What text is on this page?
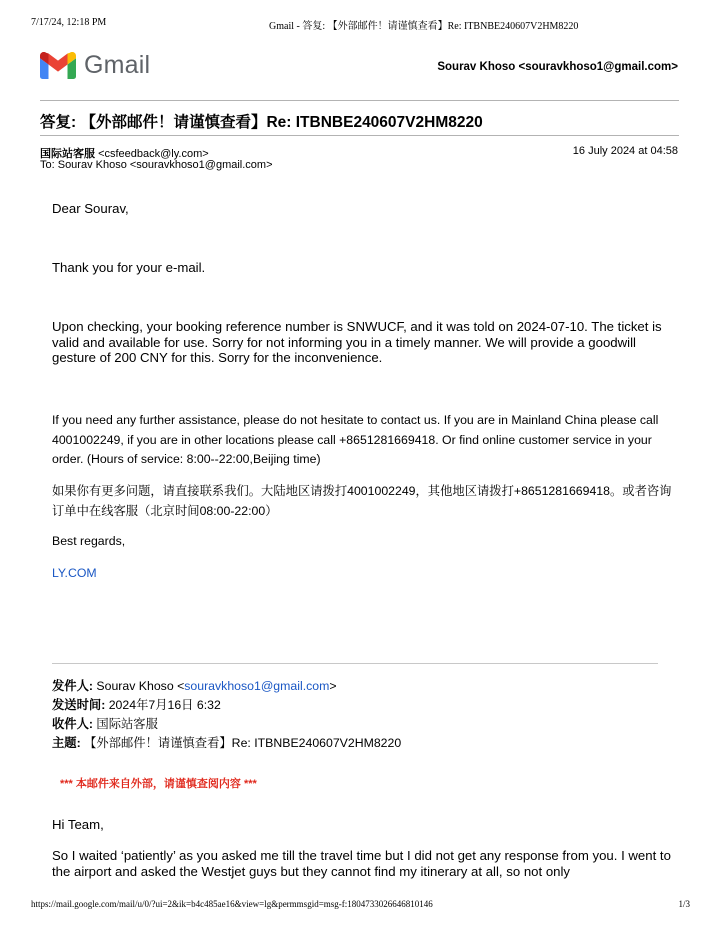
7/17/24, 12:18 PM	Gmail - 答复: 【外部邮件！请谨慎查看】Re: ITBNBE240607V2HM8220
Gmail	Sourav Khoso <souravkhoso1@gmail.com>
答复: 【外部邮件！请谨慎查看】Re: ITBNBE240607V2HM8220
国际站客服 <csfeedback@ly.com>
To: Sourav Khoso <souravkhoso1@gmail.com>
16 July 2024 at 04:58
Dear Sourav,
Thank you for your e-mail.
Upon checking, your booking reference number is SNWUCF, and it was told on 2024-07-10. The ticket is valid and available for use. Sorry for not informing you in a timely manner. We will provide a goodwill gesture of 200 CNY for this. Sorry for the inconvenience.
If you need any further assistance, please do not hesitate to contact us. If you are in Mainland China please call 4001002249, if you are in other locations please call +8651281669418. Or find online customer service in your order. (Hours of service: 8:00--22:00,Beijing time)
如果你有更多问题，请直接联系我们。大陆地区请拨打4001002249，其他地区请拨打+8651281669418。或者咨询订单中在线客服（北京时间08:00-22:00）
Best regards,
LY.COM
发件人: Sourav Khoso <souravkhoso1@gmail.com>
发送时间: 2024年7月16日 6:32
收件人: 国际站客服
主题: 【外部邮件！请谨慎查看】Re: ITBNBE240607V2HM8220
*** 本邮件来自外部，请谨慎查阅内容 ***
Hi Team,
So I waited ‘patiently’ as you asked me till the travel time but I did not get any response from you. I went to the airport and asked the Westjet guys but they cannot find my itinerary at all, so not only
https://mail.google.com/mail/u/0/?ui=2&ik=b4c485ae16&view=lg&permmsgid=msg-f:1804733026646810146	1/3
